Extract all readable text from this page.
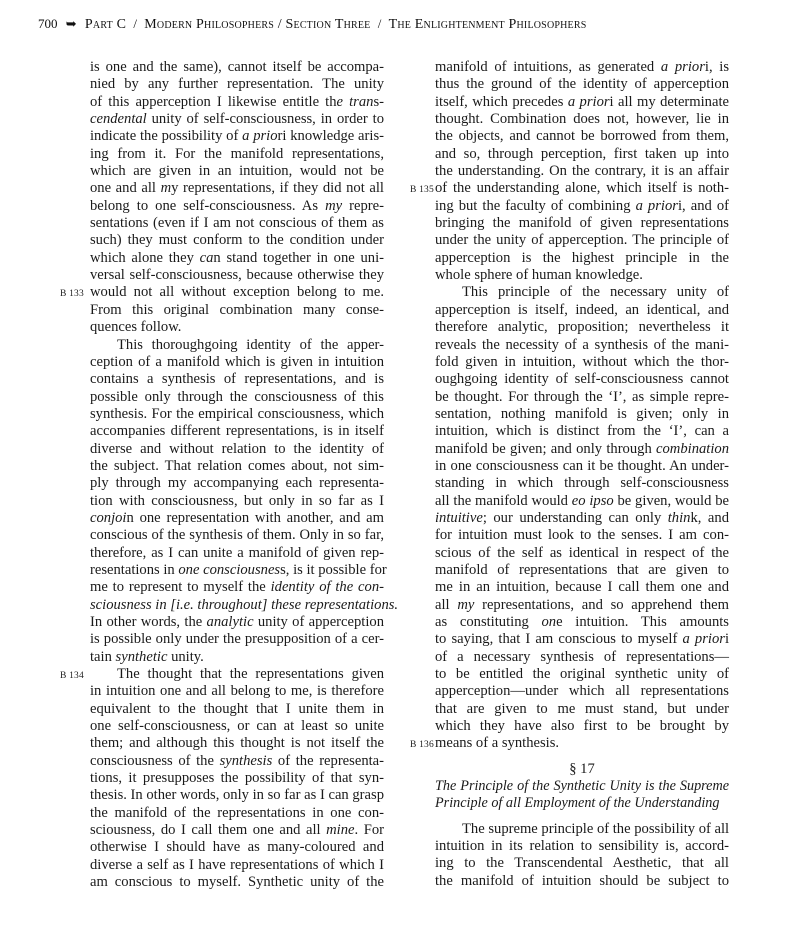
700 ➥ Part C / Modern Philosophers / Section Three / The Enlightenment Philosophers
is one and the same), cannot itself be accompa-
nied by any further representation. The unity
of this apperception I likewise entitle the trans-
cendental unity of self-consciousness, in order to
indicate the possibility of a priori knowledge aris-
ing from it. For the manifold representations,
which are given in an intuition, would not be
one and all my representations, if they did not all
belong to one self-consciousness. As my repre-
sentations (even if I am not conscious of them as
such) they must conform to the condition under
which alone they can stand together in one uni-
versal self-consciousness, because otherwise they
B 133 would not all without exception belong to me.
From this original combination many conse-
quences follow.
This thoroughgoing identity of the apper-
ception of a manifold which is given in intuition
contains a synthesis of representations, and is
possible only through the consciousness of this
synthesis. For the empirical consciousness, which
accompanies different representations, is in itself
diverse and without relation to the identity of
the subject. That relation comes about, not sim-
ply through my accompanying each representa-
tion with consciousness, but only in so far as I
conjoin one representation with another, and am
conscious of the synthesis of them. Only in so far,
therefore, as I can unite a manifold of given rep-
resentations in one consciousness, is it possible for
me to represent to myself the identity of the con-
sciousness in [i.e. throughout] these representations.
In other words, the analytic unity of apperception
is possible only under the presupposition of a cer-
tain synthetic unity.
B 134 The thought that the representations given
in intuition one and all belong to me, is therefore
equivalent to the thought that I unite them in
one self-consciousness, or can at least so unite
them; and although this thought is not itself the
consciousness of the synthesis of the representa-
tions, it presupposes the possibility of that syn-
thesis. In other words, only in so far as I can grasp
the manifold of the representations in one con-
sciousness, do I call them one and all mine. For
otherwise I should have as many-coloured and
diverse a self as I have representations of which I
am conscious to myself. Synthetic unity of the
manifold of intuitions, as generated a priori, is
thus the ground of the identity of apperception
itself, which precedes a priori all my determinate
thought. Combination does not, however, lie in
the objects, and cannot be borrowed from them,
and so, through perception, first taken up into
the understanding. On the contrary, it is an affair
B 135 of the understanding alone, which itself is noth-
ing but the faculty of combining a priori, and of
bringing the manifold of given representations
under the unity of apperception. The principle of
apperception is the highest principle in the
whole sphere of human knowledge.
This principle of the necessary unity of
apperception is itself, indeed, an identical, and
therefore analytic, proposition; nevertheless it
reveals the necessity of a synthesis of the mani-
fold given in intuition, without which the thor-
oughgoing identity of self-consciousness cannot
be thought. For through the ‘I’, as simple repre-
sentation, nothing manifold is given; only in
intuition, which is distinct from the ‘I’, can a
manifold be given; and only through combination
in one consciousness can it be thought. An under-
standing in which through self-consciousness
all the manifold would eo ipso be given, would be
intuitive; our understanding can only think, and
for intuition must look to the senses. I am con-
scious of the self as identical in respect of the
manifold of representations that are given to
me in an intuition, because I call them one and
all my representations, and so apprehend them
as constituting one intuition. This amounts
to saying, that I am conscious to myself a priori
of a necessary synthesis of representations—
to be entitled the original synthetic unity of
apperception—under which all representations
that are given to me must stand, but under
which they have also first to be brought by
B 136 means of a synthesis.
§ 17
The Principle of the Synthetic Unity is the Supreme
Principle of all Employment of the Understanding
The supreme principle of the possibility of all
intuition in its relation to sensibility is, accord-
ing to the Transcendental Aesthetic, that all
the manifold of intuition should be subject to
